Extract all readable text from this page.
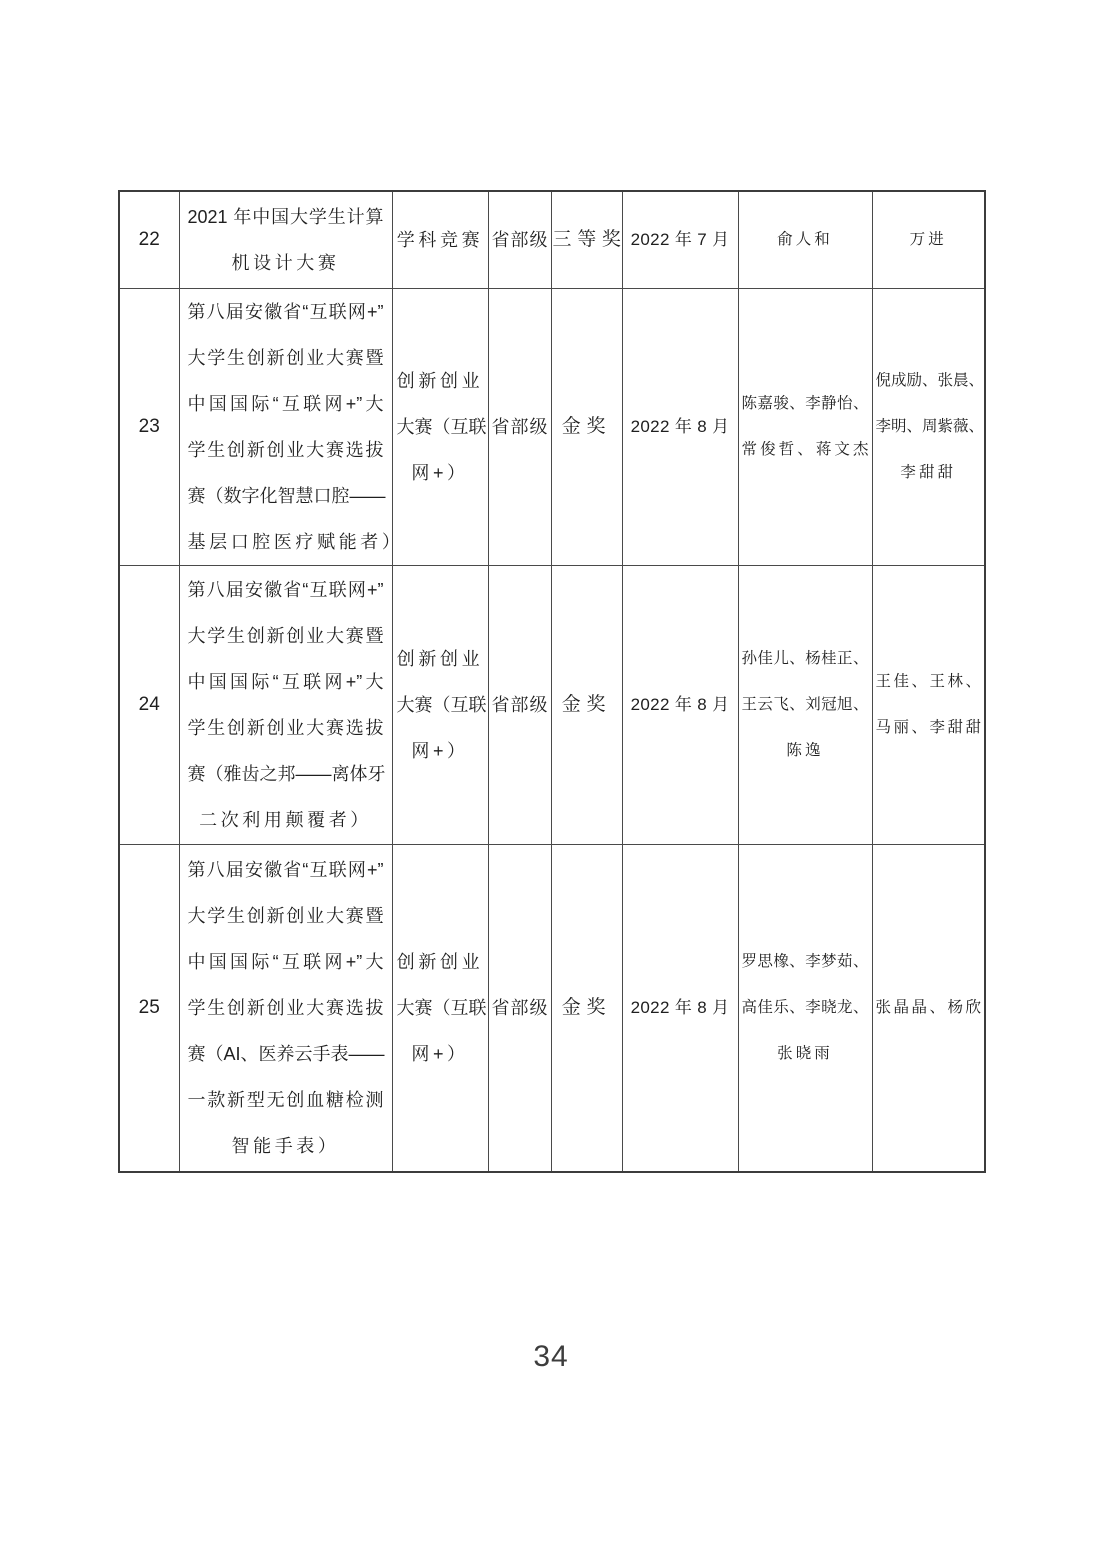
22	2021 年中国大学生计算
机设计大赛	学科竞赛	省部级	三等奖	2022 年 7 月	俞人和	万进

23	
第八届安徽省“互联网+”
大学生创新创业大赛暨
中国国际“互联网+”大
学生创新创业大赛选拔
赛（数字化智慧口腔——
基层口腔医疗赋能者）

创新创业
大赛（互联
网+）

省部级	金奖	2022 年 8 月

陈嘉骏、李静怡、
常俊哲、蒋文杰

倪成励、张晨、
李明、周紫薇、
李甜甜

24	
第八届安徽省“互联网+”
大学生创新创业大赛暨
中国国际“互联网+”大
学生创新创业大赛选拔
赛（雅齿之邦——离体牙
二次利用颠覆者）

创新创业
大赛（互联
网+）

省部级	金奖	2022 年 8 月

孙佳儿、杨桂正、
王云飞、刘冠旭、
陈逸

王佳、王林、
马丽、李甜甜

25	
第八届安徽省“互联网+”
大学生创新创业大赛暨
中国国际“互联网+”大
学生创新创业大赛选拔
赛（AI、医养云手表——
一款新型无创血糖检测
智能手表）

创新创业
大赛（互联
网+）

省部级	金奖	2022 年 8 月

罗思橡、李梦茹、
高佳乐、李晓龙、
张晓雨

张晶晶、杨欣
34
